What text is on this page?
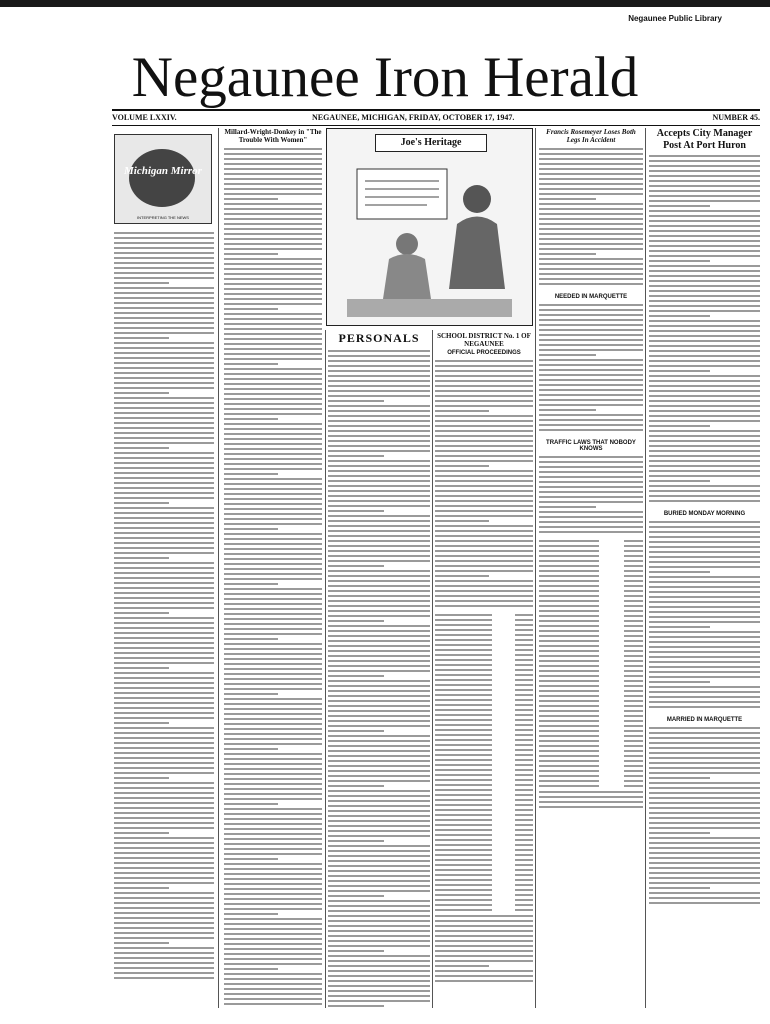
Negaunee Public Library
Negaunee Iron Herald
VOLUME LXXIV.	NEGAUNEE, MICHIGAN, FRIDAY, OCTOBER 17, 1947.	NUMBER 45.
Michigan Mirror
INTERPRETING THE NEWS
Millard-Wright-Donkey in "The Trouble With Women"	Joe's Heritage
PERSONALS	SCHOOL DISTRICT No. 1 OF NEGAUNEE
OFFICIAL PROCEEDINGS
Francis Rosemeyer Loses Both Legs In Accident
NEEDED IN MARQUETTE
TRAFFIC LAWS THAT NOBODY KNOWS
Accepts City Manager Post At Port Huron
BURIED MONDAY MORNING
MARRIED IN MARQUETTE
